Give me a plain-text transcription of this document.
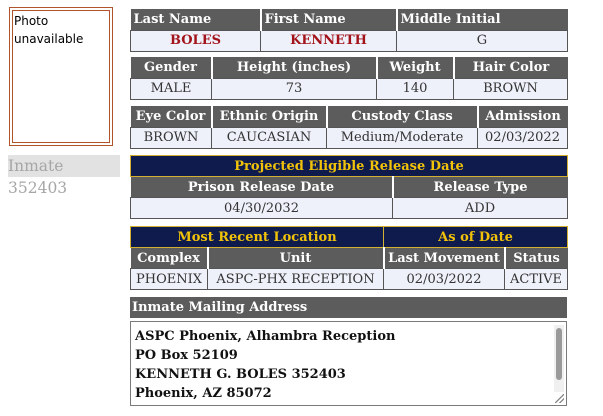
Photo unavailable
Inmate 352403
Last Name	First Name	Middle Initial
BOLES	KENNETH	G
Gender	Height (inches)	Weight	Hair Color
MALE	73	140	BROWN
Eye Color	Ethnic Origin	Custody Class	Admission
BROWN	CAUCASIAN	Medium/Moderate	02/03/2022
Projected Eligible Release Date	
Prison Release Date	Release Type
04/30/2032	ADD
Most Recent Location		As of Date	
Complex	Unit	Last Movement	Status
PHOENIX	ASPC-PHX RECEPTION	02/03/2022	ACTIVE
Inmate Mailing Address
ASPC Phoenix, Alhambra Reception
PO Box 52109
KENNETH G. BOLES 352403
Phoenix, AZ 85072
